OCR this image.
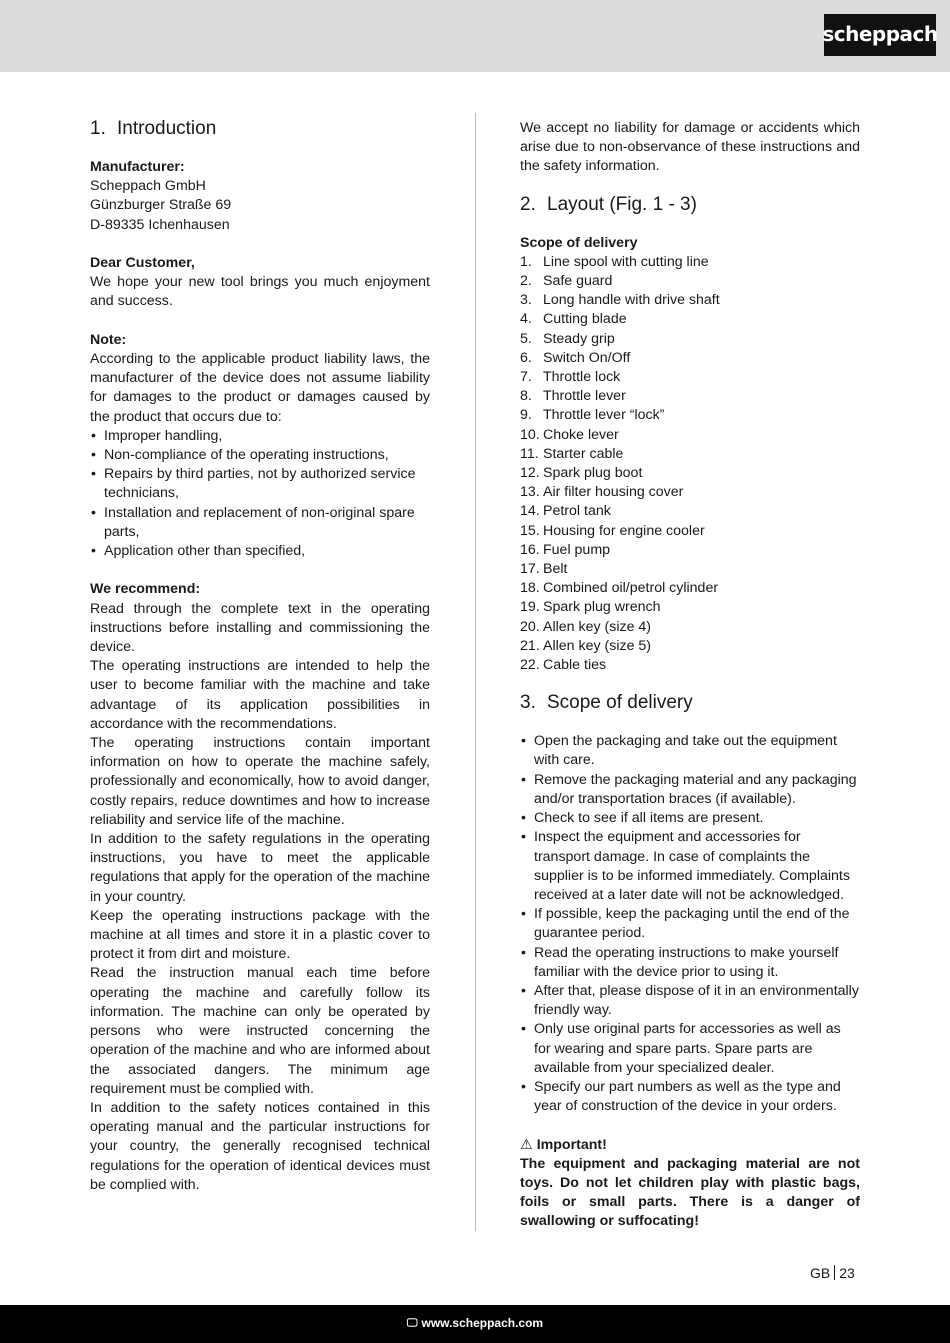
scheppach
1. Introduction
Manufacturer:
Scheppach GmbH
Günzburger Straße 69
D-89335 Ichenhausen
Dear Customer,

We hope your new tool brings you much enjoyment and success.

Note:

According to the applicable product liability laws, the manufacturer of the device does not assume liability for damages to the product or damages caused by the product that occurs due to:

• Improper handling,
• Non-compliance of the operating instructions,
• Repairs by third parties, not by authorized service technicians,
• Installation and replacement of non-original spare parts,
• Application other than specified,
We recommend:

Read through the complete text in the operating instructions before installing and commissioning the device.

The operating instructions are intended to help the user to become familiar with the machine and take advantage of its application possibilities in accordance with the recommendations.

The operating instructions contain important information on how to operate the machine safely, professionally and economically, how to avoid danger, costly repairs, reduce downtimes and how to increase reliability and service life of the machine.

In addition to the safety regulations in the operating instructions, you have to meet the applicable regulations that apply for the operation of the machine in your country.

Keep the operating instructions package with the machine at all times and store it in a plastic cover to protect it from dirt and moisture.

Read the instruction manual each time before operating the machine and carefully follow its information. The machine can only be operated by persons who were instructed concerning the operation of the machine and who are informed about the associated dangers. The minimum age requirement must be complied with.

In addition to the safety notices contained in this operating manual and the particular instructions for your country, the generally recognised technical regulations for the operation of identical devices must be complied with.

We accept no liability for damage or accidents which arise due to non-observance of these instructions and the safety information.

2. Layout (Fig. 1 - 3)
Scope of delivery
1. Line spool with cutting line
2. Safe guard
3. Long handle with drive shaft
4. Cutting blade
5. Steady grip
6. Switch On/Off
7. Throttle lock
8. Throttle lever
9. Throttle lever “lock”
10. Choke lever
11. Starter cable
12. Spark plug boot
13. Air filter housing cover
14. Petrol tank
15. Housing for engine cooler
16. Fuel pump
17. Belt
18. Combined oil/petrol cylinder
19. Spark plug wrench
20. Allen key (size 4)
21. Allen key (size 5)
22. Cable ties
3. Scope of delivery
• Open the packaging and take out the equipment with care.
• Remove the packaging material and any packaging and/or transportation braces (if available).
• Check to see if all items are present.
• Inspect the equipment and accessories for transport damage. In case of complaints the supplier is to be informed immediately. Complaints received at a later date will not be acknowledged.
• If possible, keep the packaging until the end of the guarantee period.
• Read the operating instructions to make yourself familiar with the device prior to using it.
• After that, please dispose of it in an environmentally friendly way.
• Only use original parts for accessories as well as for wearing and spare parts. Spare parts are available from your specialized dealer.
• Specify our part numbers as well as the type and year of construction of the device in your orders.
⚠ Important!

The equipment and packaging material are not toys. Do not let children play with plastic bags, foils or small parts. There is a danger of swallowing or suffocating!

GB 23
🖵 www.scheppach.com
